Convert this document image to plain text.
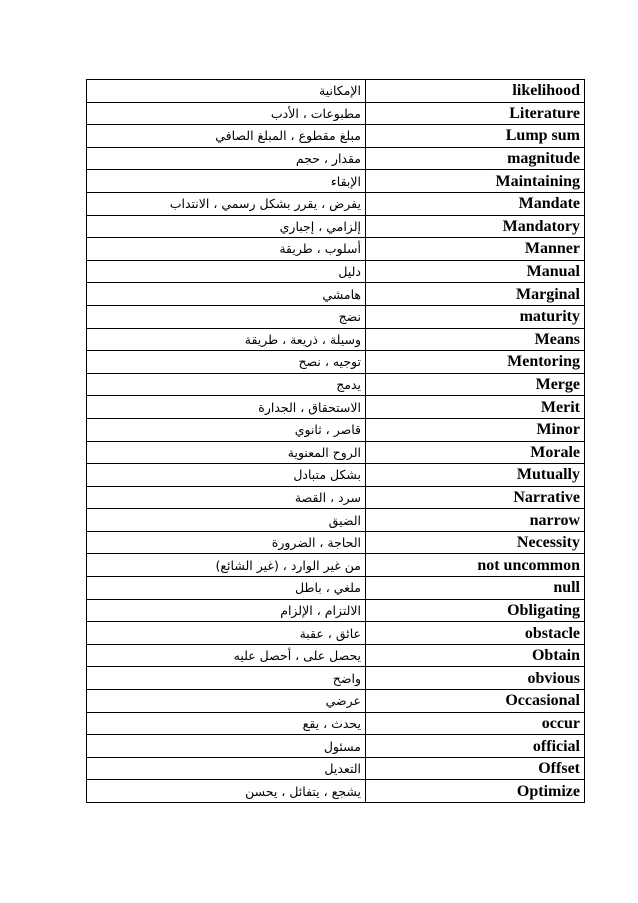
الإمكانية	likelihood
مطبوعات ، الأدب	Literature
مبلغ مقطوع ، المبلغ الصافي	Lump sum
مقدار ، حجم	magnitude
الإبقاء	Maintaining
يفرض ، يقرر بشكل رسمي ، الانتداب	Mandate
إلزامي ، إجباري	Mandatory
أسلوب ، طريقة	Manner
دليل	Manual
هامشي	Marginal
نضج	maturity
وسيلة ، ذريعة ، طريقة	Means
توجيه ، نصح	Mentoring
يدمج	Merge
الاستحقاق ، الجدارة	Merit
قاصر ، ثانوي	Minor
الروح المعنوية	Morale
بشكل متبادل	Mutually
سرد ، القصة	Narrative
الضيق	narrow
الحاجة ، الضرورة	Necessity
من غير الوارد ، (غير الشائع)	not uncommon
ملغي ، باطل	null
الالتزام ، الإلزام	Obligating
عائق ، عقبة	obstacle
يحصل على ، أحصل عليه	Obtain
واضح	obvious
عرضي	Occasional
يحدث ، يقع	occur
مسئول	official
التعديل	Offset
يشجع ، يتفائل ، يحسن	Optimize
